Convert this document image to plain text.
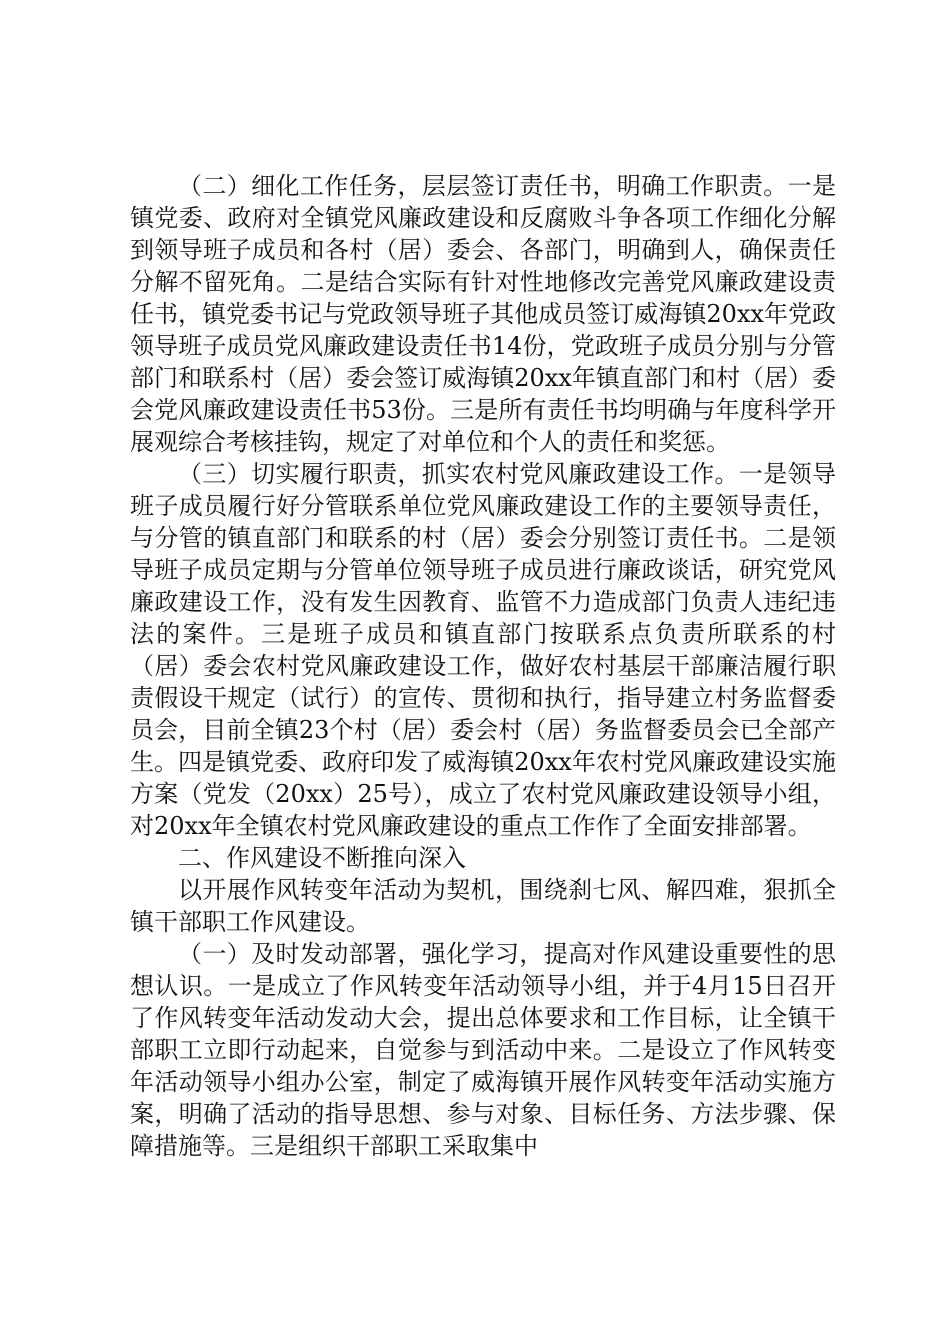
（二）细化工作任务，层层签订责任书，明确工作职责。一是镇党委、政府对全镇党风廉政建设和反腐败斗争各项工作细化分解到领导班子成员和各村（居）委会、各部门，明确到人，确保责任分解不留死角。二是结合实际有针对性地修改完善党风廉政建设责任书，镇党委书记与党政领导班子其他成员签订威海镇20xx年党政领导班子成员党风廉政建设责任书14份，党政班子成员分别与分管部门和联系村（居）委会签订威海镇20xx年镇直部门和村（居）委会党风廉政建设责任书53份。三是所有责任书均明确与年度科学开展观综合考核挂钩，规定了对单位和个人的责任和奖惩。

（三）切实履行职责，抓实农村党风廉政建设工作。一是领导班子成员履行好分管联系单位党风廉政建设工作的主要领导责任，与分管的镇直部门和联系的村（居）委会分别签订责任书。二是领导班子成员定期与分管单位领导班子成员进行廉政谈话，研究党风廉政建设工作，没有发生因教育、监管不力造成部门负责人违纪违法的案件。三是班子成员和镇直部门按联系点负责所联系的村（居）委会农村党风廉政建设工作，做好农村基层干部廉洁履行职责假设干规定（试行）的宣传、贯彻和执行，指导建立村务监督委员会，目前全镇23个村（居）委会村（居）务监督委员会已全部产生。四是镇党委、政府印发了威海镇20xx年农村党风廉政建设实施方案（党发（20xx）25号），成立了农村党风廉政建设领导小组，对20xx年全镇农村党风廉政建设的重点工作作了全面安排部署。

二、作风建设不断推向深入

以开展作风转变年活动为契机，围绕刹七风、解四难，狠抓全镇干部职工作风建设。

（一）及时发动部署，强化学习，提高对作风建设重要性的思想认识。一是成立了作风转变年活动领导小组，并于4月15日召开了作风转变年活动发动大会，提出总体要求和工作目标，让全镇干部职工立即行动起来，自觉参与到活动中来。二是设立了作风转变年活动领导小组办公室，制定了威海镇开展作风转变年活动实施方案，明确了活动的指导思想、参与对象、目标任务、方法步骤、保障措施等。三是组织干部职工采取集中
